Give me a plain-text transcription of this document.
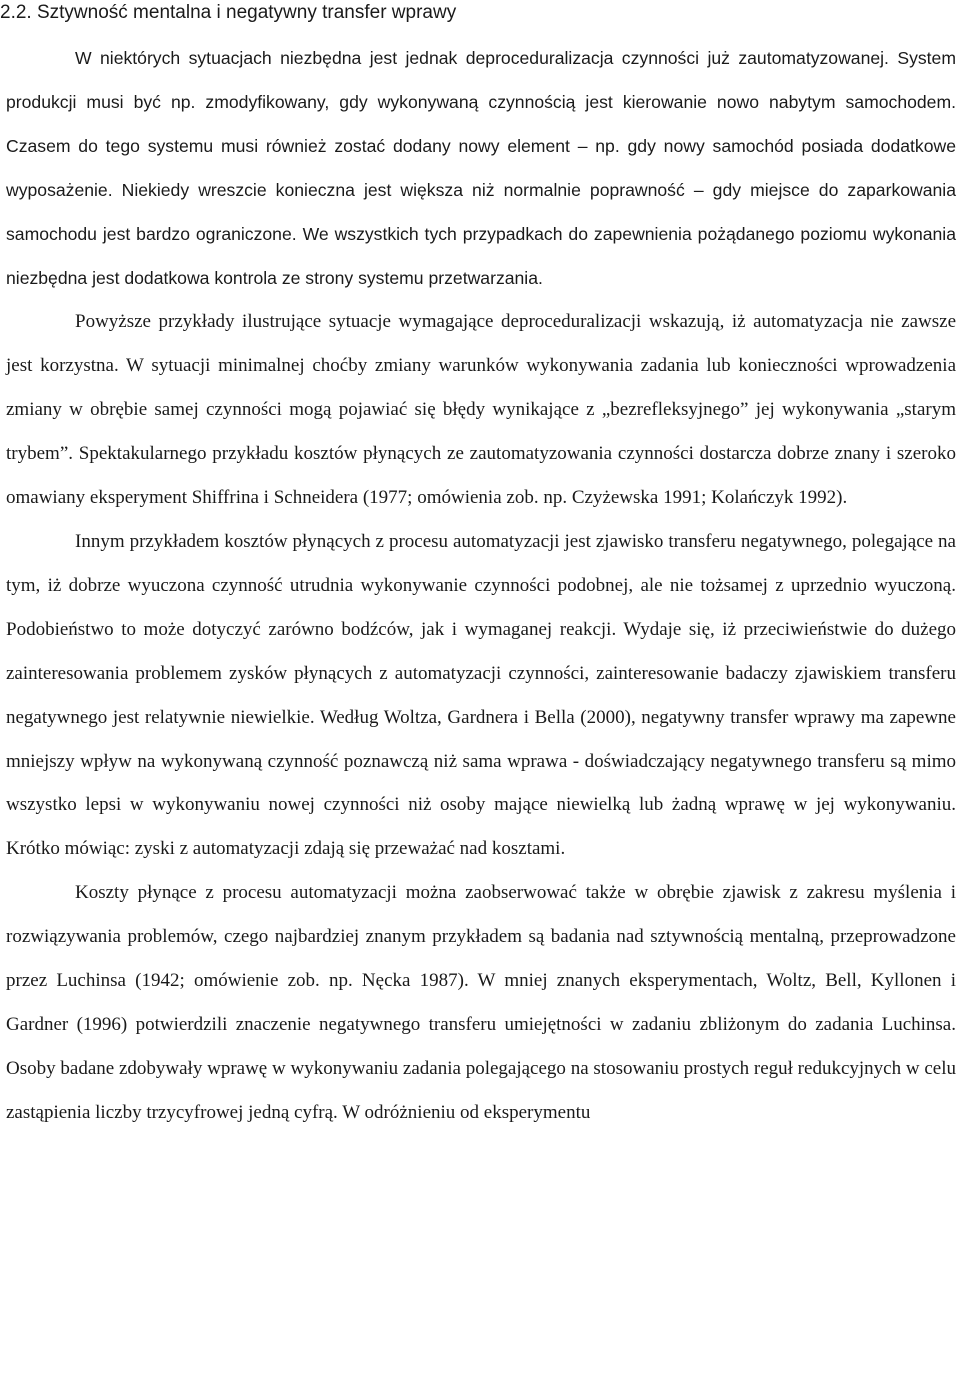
2.2. Sztywność mentalna i negatywny transfer wprawy

W niektórych sytuacjach niezbędna jest jednak deproceduralizacja czynności już zautomatyzowanej. System produkcji musi być np. zmodyfikowany, gdy wykonywaną czynnością jest kierowanie nowo nabytym samochodem. Czasem do tego systemu musi również zostać dodany nowy element – np. gdy nowy samochód posiada dodatkowe wyposażenie. Niekiedy wreszcie konieczna jest większa niż normalnie poprawność – gdy miejsce do zaparkowania samochodu jest bardzo ograniczone. We wszystkich tych przypadkach do zapewnienia pożądanego poziomu wykonania niezbędna jest dodatkowa kontrola ze strony systemu przetwarzania.

Powyższe przykłady ilustrujące sytuacje wymagające deproceduralizacji wskazują, iż automatyzacja nie zawsze jest korzystna. W sytuacji minimalnej choćby zmiany warunków wykonywania zadania lub konieczności wprowadzenia zmiany w obrębie samej czynności mogą pojawiać się błędy wynikające z „bezrefleksyjnego” jej wykonywania „starym trybem”. Spektakularnego przykładu kosztów płynących ze zautomatyzowania czynności dostarcza dobrze znany i szeroko omawiany eksperyment Shiffrina i Schneidera (1977; omówienia zob. np. Czyżewska 1991; Kolańczyk 1992).

Innym przykładem kosztów płynących z procesu automatyzacji jest zjawisko transferu negatywnego, polegające na tym, iż dobrze wyuczona czynność utrudnia wykonywanie czynności podobnej, ale nie tożsamej z uprzednio wyuczoną. Podobieństwo to może dotyczyć zarówno bodźców, jak i wymaganej reakcji. Wydaje się, iż przeciwieństwie do dużego zainteresowania problemem zysków płynących z automatyzacji czynności, zainteresowanie badaczy zjawiskiem transferu negatywnego jest relatywnie niewielkie. Według Woltza, Gardnera i Bella (2000), negatywny transfer wprawy ma zapewne mniejszy wpływ na wykonywaną czynność poznawczą niż sama wprawa - doświadczający negatywnego transferu są mimo wszystko lepsi w wykonywaniu nowej czynności niż osoby mające niewielką lub żadną wprawę w jej wykonywaniu. Krótko mówiąc: zyski z automatyzacji zdają się przeważać nad kosztami.

Koszty płynące z procesu automatyzacji można zaobserwować także w obrębie zjawisk z zakresu myślenia i rozwiązywania problemów, czego najbardziej znanym przykładem są badania nad sztywnością mentalną, przeprowadzone przez Luchinsa (1942; omówienie zob. np. Nęcka 1987). W mniej znanych eksperymentach, Woltz, Bell, Kyllonen i Gardner (1996) potwierdzili znaczenie negatywnego transferu umiejętności w zadaniu zbliżonym do zadania Luchinsa. Osoby badane zdobywały wprawę w wykonywaniu zadania polegającego na stosowaniu prostych reguł redukcyjnych w celu zastąpienia liczby trzycyfrowej jedną cyfrą. W odróżnieniu od eksperymentu
